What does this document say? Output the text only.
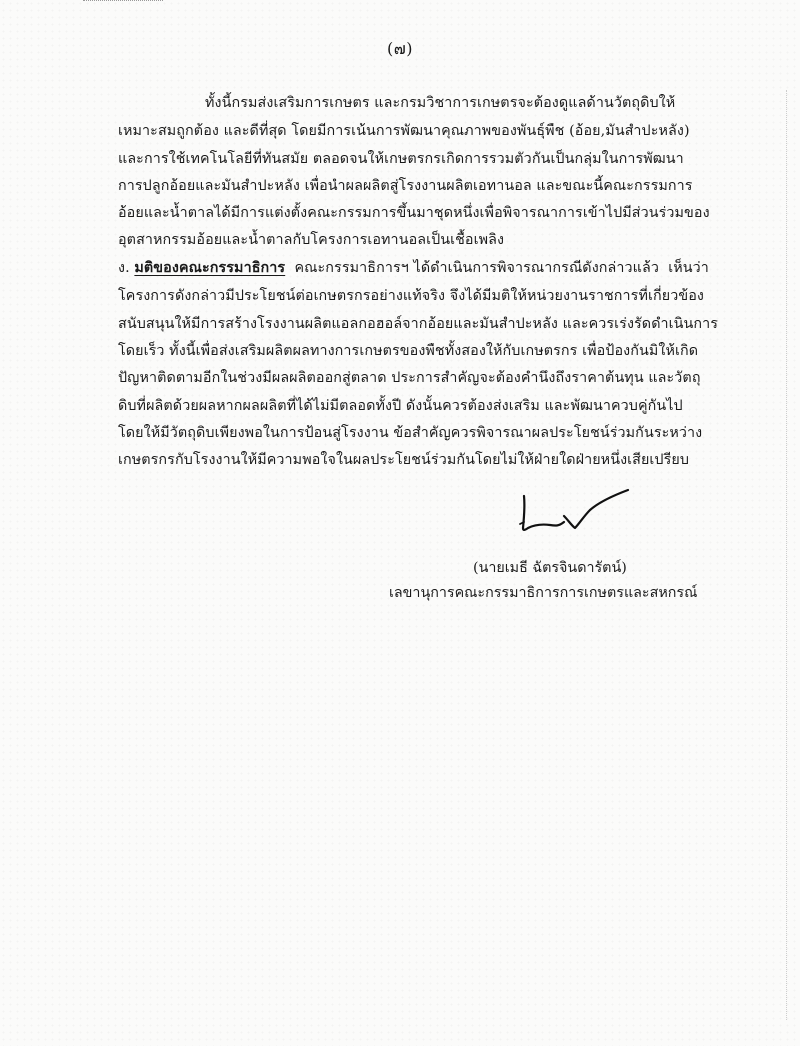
(๗)
ทั้งนี้กรมส่งเสริมการเกษตร และกรมวิชาการเกษตรจะต้องดูแลด้านวัตถุดิบให้
เหมาะสมถูกต้อง และดีที่สุด โดยมีการเน้นการพัฒนาคุณภาพของพันธุ์พืช (อ้อย,มันสำปะหลัง)
และการใช้เทคโนโลยีที่ทันสมัย ตลอดจนให้เกษตรกรเกิดการรวมตัวกันเป็นกลุ่มในการพัฒนา
การปลูกอ้อยและมันสำปะหลัง เพื่อนำผลผลิตสู่โรงงานผลิตเอทานอล และขณะนี้คณะกรรมการ
อ้อยและน้ำตาลได้มีการแต่งตั้งคณะกรรมการขึ้นมาชุดหนึ่งเพื่อพิจารณาการเข้าไปมีส่วนร่วมของ
อุตสาหกรรมอ้อยและน้ำตาลกับโครงการเอทานอลเป็นเชื้อเพลิง
ง. มติของคณะกรรมาธิการ  คณะกรรมาธิการฯ ได้ดำเนินการพิจารณากรณีดังกล่าวแล้ว  เห็นว่า
โครงการดังกล่าวมีประโยชน์ต่อเกษตรกรอย่างแท้จริง จึงได้มีมติให้หน่วยงานราชการที่เกี่ยวข้อง
สนับสนุนให้มีการสร้างโรงงานผลิตแอลกอฮอล์จากอ้อยและมันสำปะหลัง และควรเร่งรัดดำเนินการ
โดยเร็ว ทั้งนี้เพื่อส่งเสริมผลิตผลทางการเกษตรของพืชทั้งสองให้กับเกษตรกร เพื่อป้องกันมิให้เกิด
ปัญหาติดตามอีกในช่วงมีผลผลิตออกสู่ตลาด ประการสำคัญจะต้องคำนึงถึงราคาต้นทุน และวัตถุ
ดิบที่ผลิตด้วยผลหากผลผลิตที่ได้ไม่มีตลอดทั้งปี ดังนั้นควรต้องส่งเสริม และพัฒนาควบคู่กันไป
โดยให้มีวัตถุดิบเพียงพอในการป้อนสู่โรงงาน ข้อสำคัญควรพิจารณาผลประโยชน์ร่วมกันระหว่าง
เกษตรกรกับโรงงานให้มีความพอใจในผลประโยชน์ร่วมกันโดยไม่ให้ฝ่ายใดฝ่ายหนึ่งเสียเปรียบ
(นายเมธี ฉัตรจินดารัตน์)
เลขานุการคณะกรรมาธิการการเกษตรและสหกรณ์
